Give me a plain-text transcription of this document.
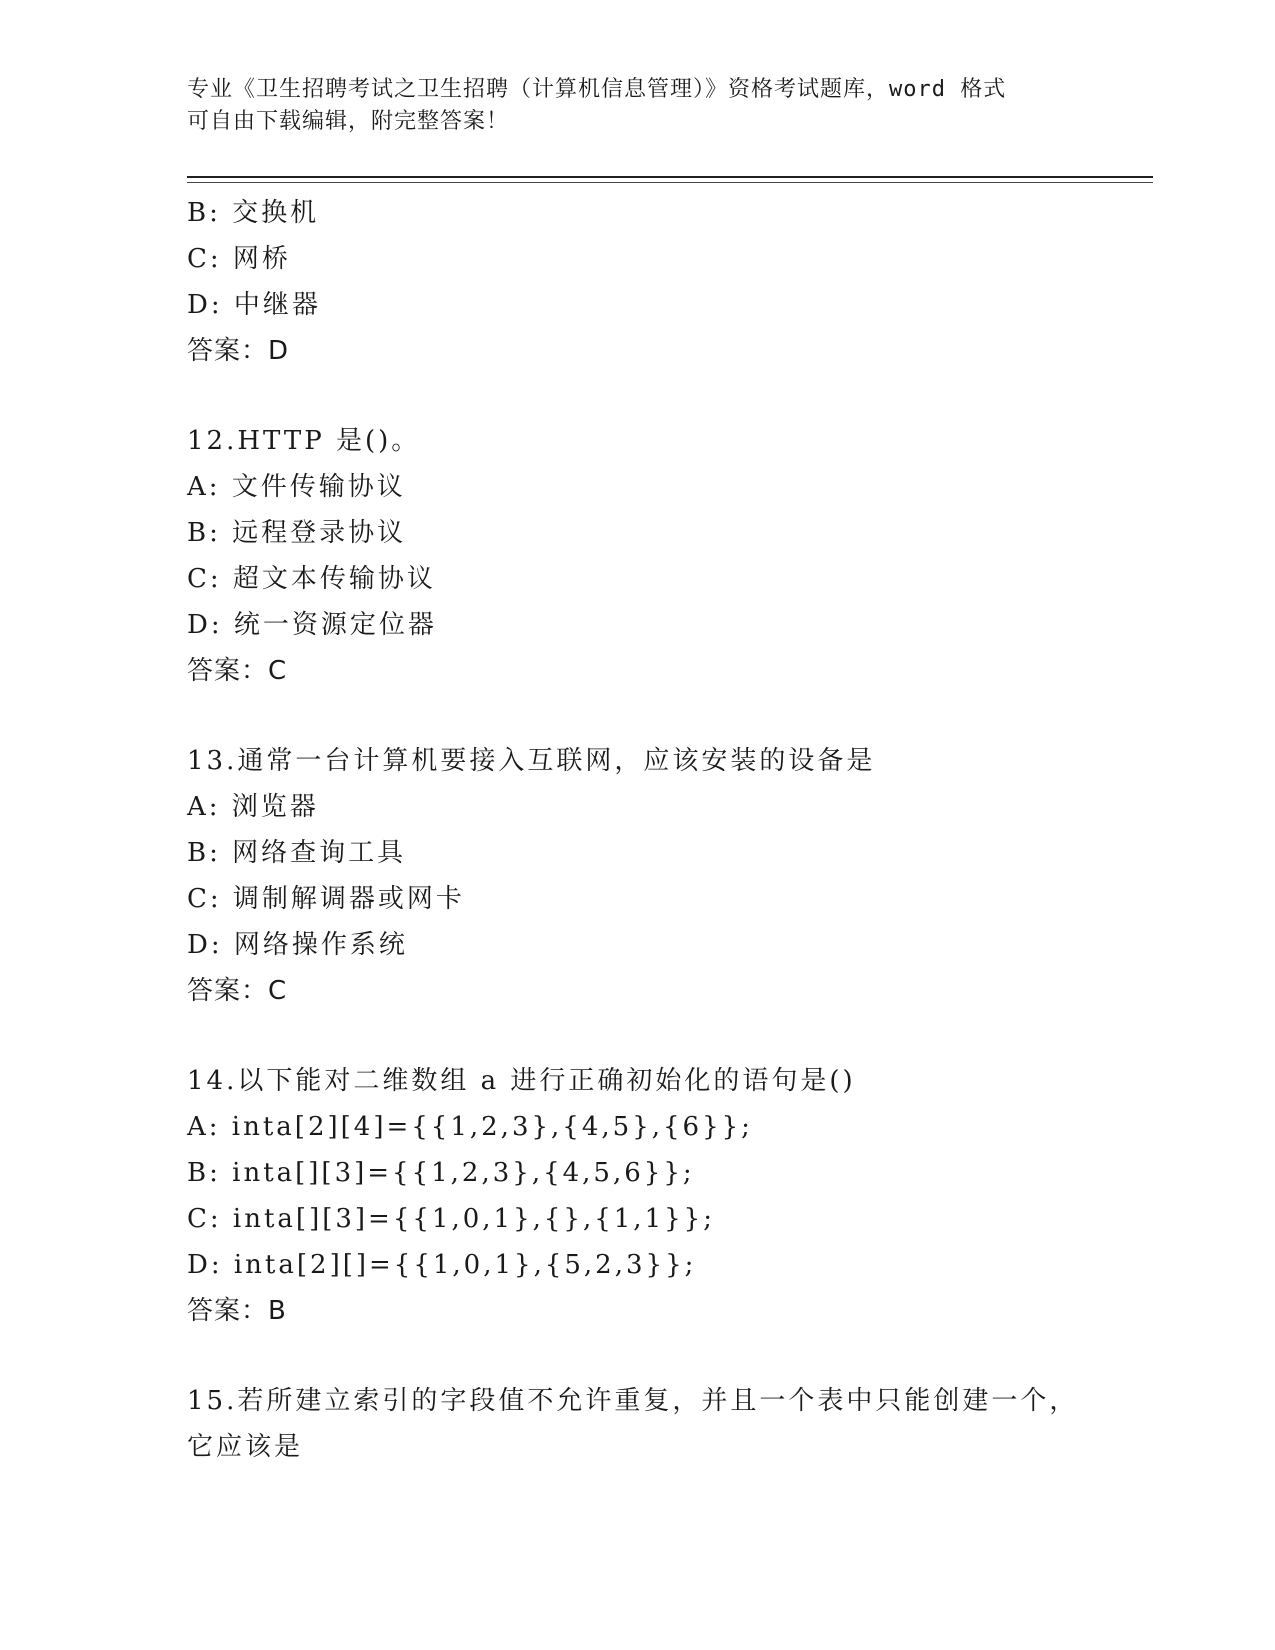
专业《卫生招聘考试之卫生招聘（计算机信息管理）》资格考试题库，word 格式
可自由下载编辑，附完整答案！
B: 交换机
C: 网桥
D: 中继器
答案：D
12.HTTP 是()。
A: 文件传输协议
B: 远程登录协议
C: 超文本传输协议
D: 统一资源定位器
答案：C
13.通常一台计算机要接入互联网，应该安装的设备是
A: 浏览器
B: 网络查询工具
C: 调制解调器或网卡
D: 网络操作系统
答案：C
14.以下能对二维数组 a 进行正确初始化的语句是()
A: inta[2][4]={{1,2,3},{4,5},{6}};
B: inta[][3]={{1,2,3},{4,5,6}};
C: inta[][3]={{1,0,1},{},{1,1}};
D: inta[2][]={{1,0,1},{5,2,3}};
答案：B
15.若所建立索引的字段值不允许重复，并且一个表中只能创建一个，
它应该是
